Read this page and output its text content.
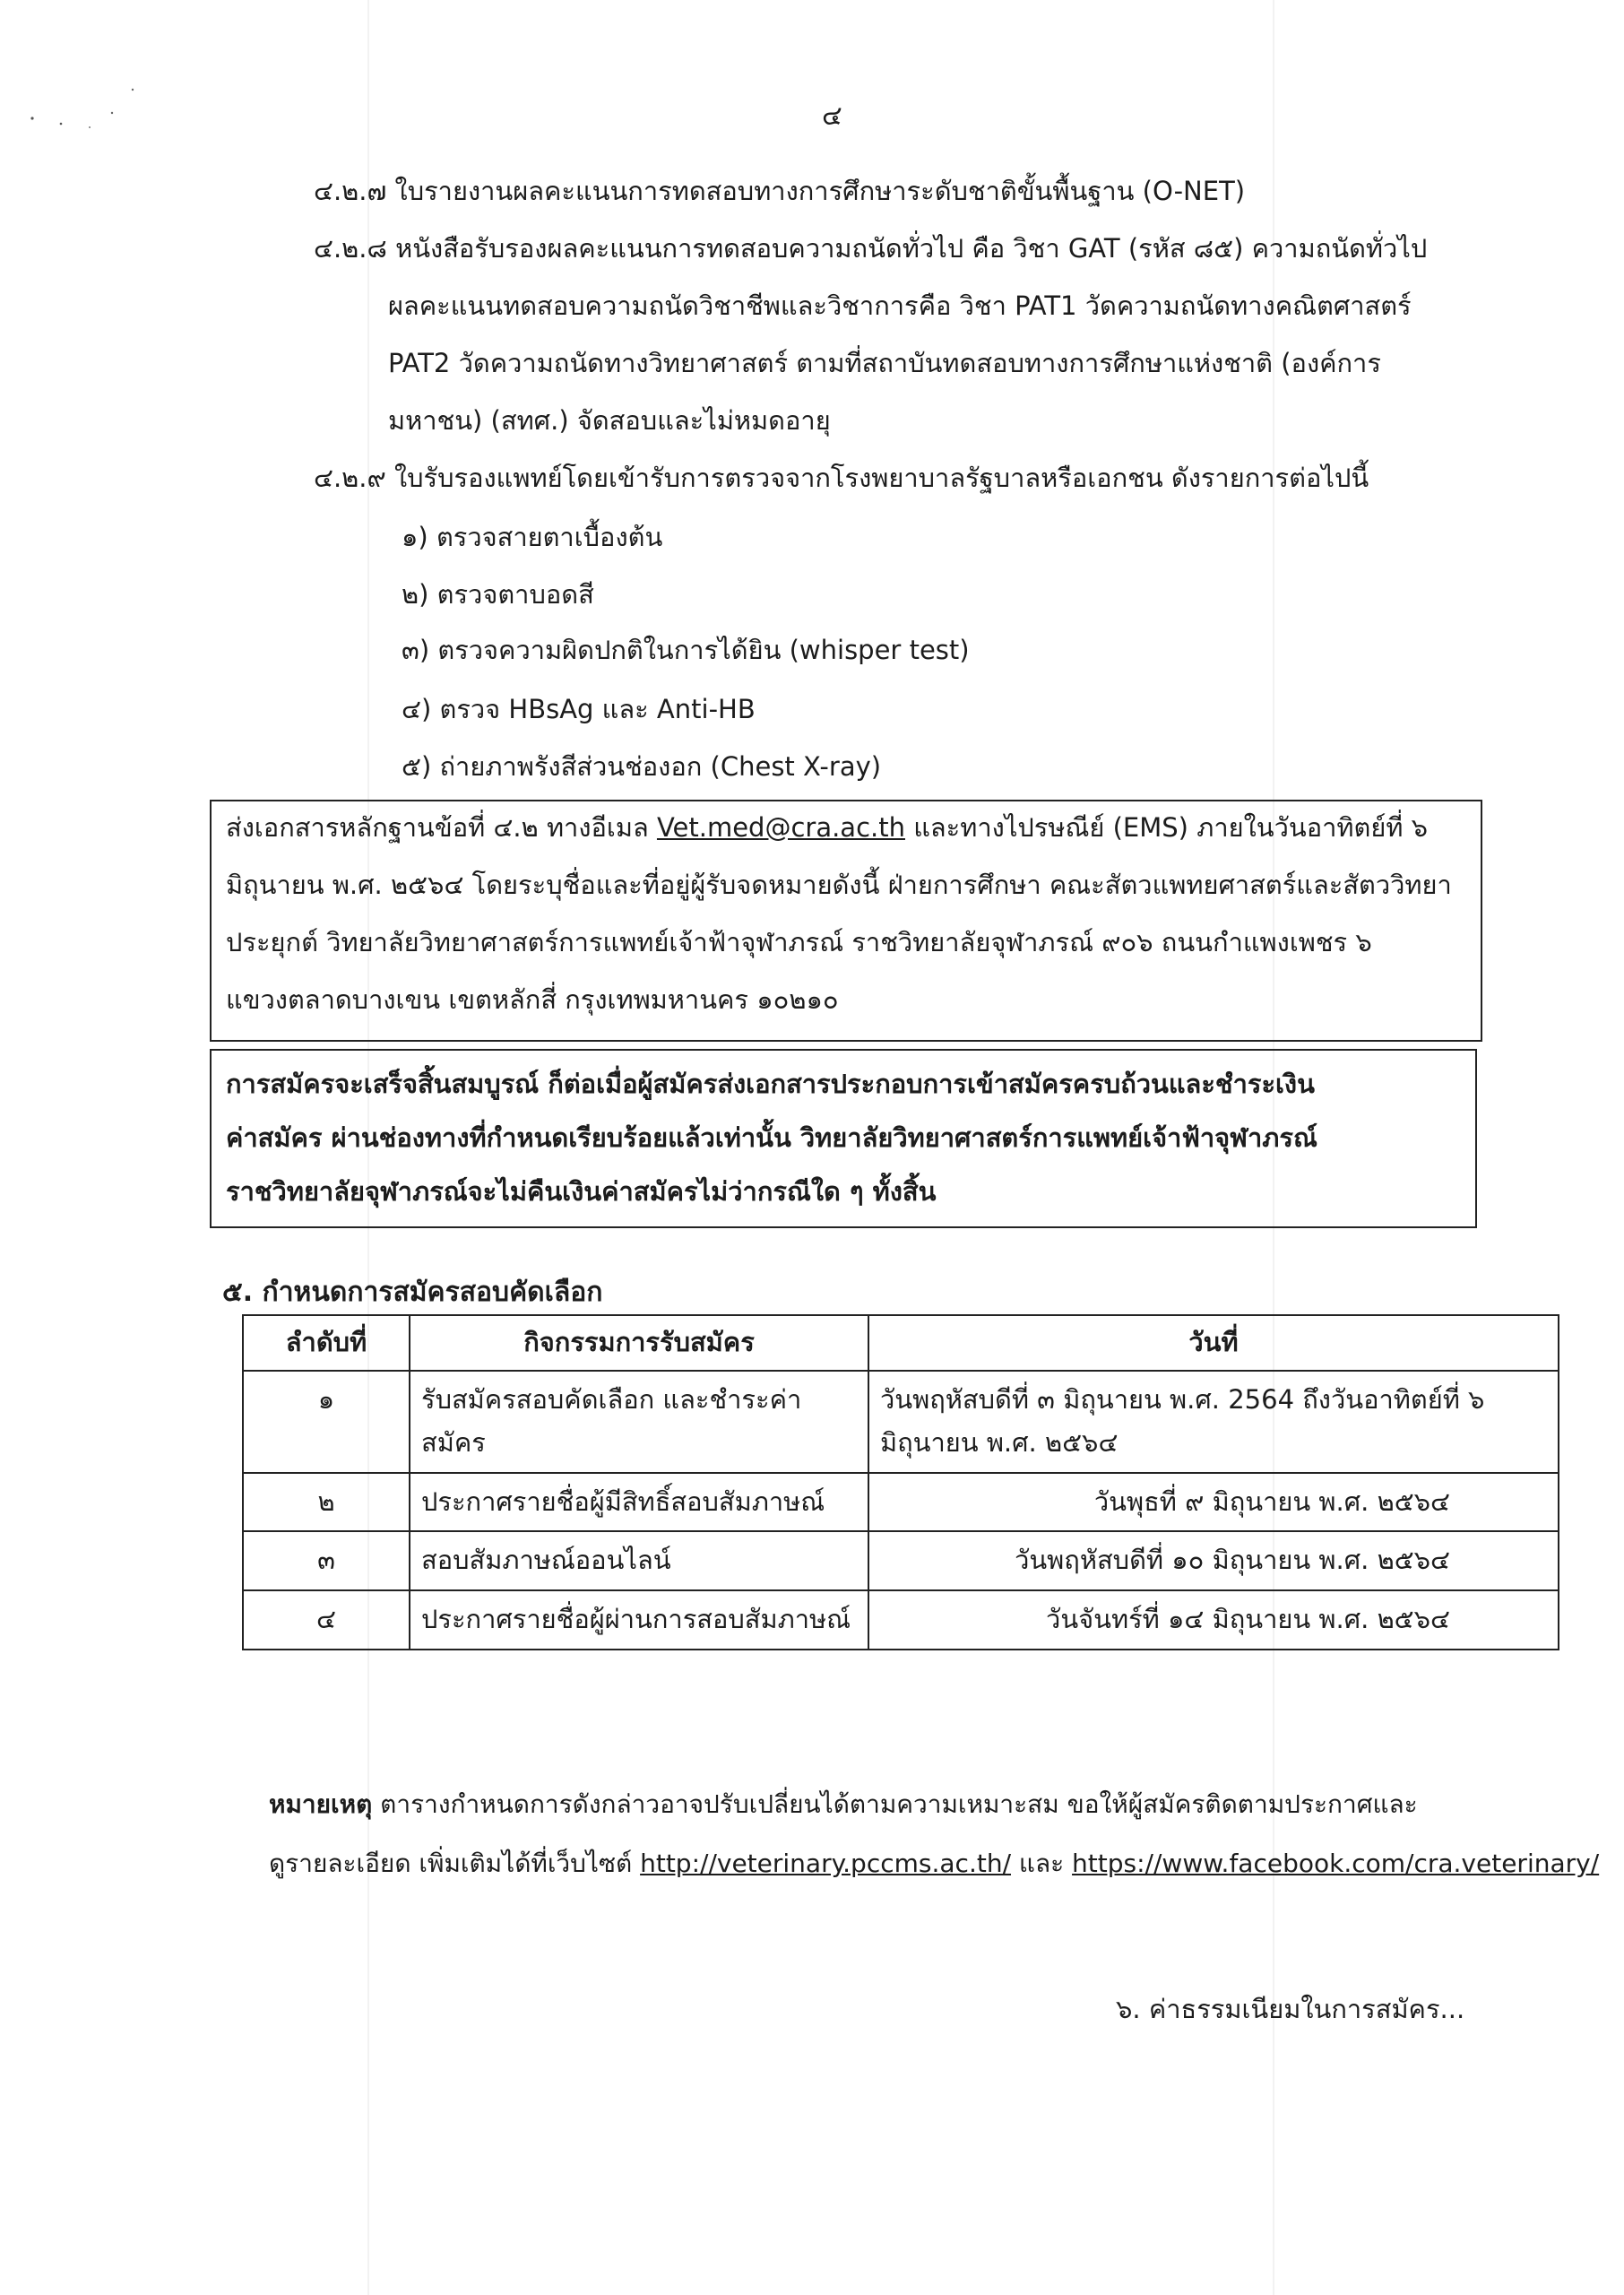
๔
๔.๒.๗ ใบรายงานผลคะแนนการทดสอบทางการศึกษาระดับชาติขั้นพื้นฐาน (O-NET)
๔.๒.๘ หนังสือรับรองผลคะแนนการทดสอบความถนัดทั่วไป คือ วิชา GAT (รหัส ๘๕) ความถนัดทั่วไป
ผลคะแนนทดสอบความถนัดวิชาชีพและวิชาการคือ วิชา PAT1 วัดความถนัดทางคณิตศาสตร์
PAT2 วัดความถนัดทางวิทยาศาสตร์ ตามที่สถาบันทดสอบทางการศึกษาแห่งชาติ (องค์การ
มหาชน) (สทศ.) จัดสอบและไม่หมดอายุ
๔.๒.๙ ใบรับรองแพทย์โดยเข้ารับการตรวจจากโรงพยาบาลรัฐบาลหรือเอกชน ดังรายการต่อไปนี้
๑) ตรวจสายตาเบื้องต้น
๒) ตรวจตาบอดสี
๓) ตรวจความผิดปกติในการได้ยิน (whisper test)
๔) ตรวจ HBsAg และ Anti-HB
๕) ถ่ายภาพรังสีส่วนช่องอก (Chest X-ray)
ส่งเอกสารหลักฐานข้อที่ ๔.๒ ทางอีเมล Vet.med@cra.ac.th และทางไปรษณีย์ (EMS) ภายในวันอาทิตย์ที่ ๖
มิถุนายน พ.ศ. ๒๕๖๔ โดยระบุชื่อและที่อยู่ผู้รับจดหมายดังนี้ ฝ่ายการศึกษา คณะสัตวแพทยศาสตร์และสัตววิทยา
ประยุกต์ วิทยาลัยวิทยาศาสตร์การแพทย์เจ้าฟ้าจุฬาภรณ์ ราชวิทยาลัยจุฬาภรณ์ ๙๐๖ ถนนกำแพงเพชร ๖
แขวงตลาดบางเขน เขตหลักสี่ กรุงเทพมหานคร ๑๐๒๑๐
การสมัครจะเสร็จสิ้นสมบูรณ์ ก็ต่อเมื่อผู้สมัครส่งเอกสารประกอบการเข้าสมัครครบถ้วนและชำระเงิน
ค่าสมัคร ผ่านช่องทางที่กำหนดเรียบร้อยแล้วเท่านั้น วิทยาลัยวิทยาศาสตร์การแพทย์เจ้าฟ้าจุฬาภรณ์
ราชวิทยาลัยจุฬาภรณ์จะไม่คืนเงินค่าสมัครไม่ว่ากรณีใด ๆ ทั้งสิ้น
๕. กำหนดการสมัครสอบคัดเลือก
ลำดับที่	กิจกรรมการรับสมัคร	วันที่
๑	รับสมัครสอบคัดเลือก และชำระค่าสมัคร	วันพฤหัสบดีที่ ๓ มิถุนายน พ.ศ. 2564 ถึงวันอาทิตย์ที่ ๖ มิถุนายน พ.ศ. ๒๕๖๔
๒	ประกาศรายชื่อผู้มีสิทธิ์สอบสัมภาษณ์	วันพุธที่ ๙ มิถุนายน พ.ศ. ๒๕๖๔
๓	สอบสัมภาษณ์ออนไลน์	วันพฤหัสบดีที่ ๑๐ มิถุนายน พ.ศ. ๒๕๖๔
๔	ประกาศรายชื่อผู้ผ่านการสอบสัมภาษณ์	วันจันทร์ที่ ๑๔ มิถุนายน พ.ศ. ๒๕๖๔
หมายเหตุ ตารางกำหนดการดังกล่าวอาจปรับเปลี่ยนได้ตามความเหมาะสม ขอให้ผู้สมัครติดตามประกาศและ
ดูรายละเอียด เพิ่มเติมได้ที่เว็บไซต์ http://veterinary.pccms.ac.th/ และ https://www.facebook.com/cra.veterinary/
๖. ค่าธรรมเนียมในการสมัคร...
